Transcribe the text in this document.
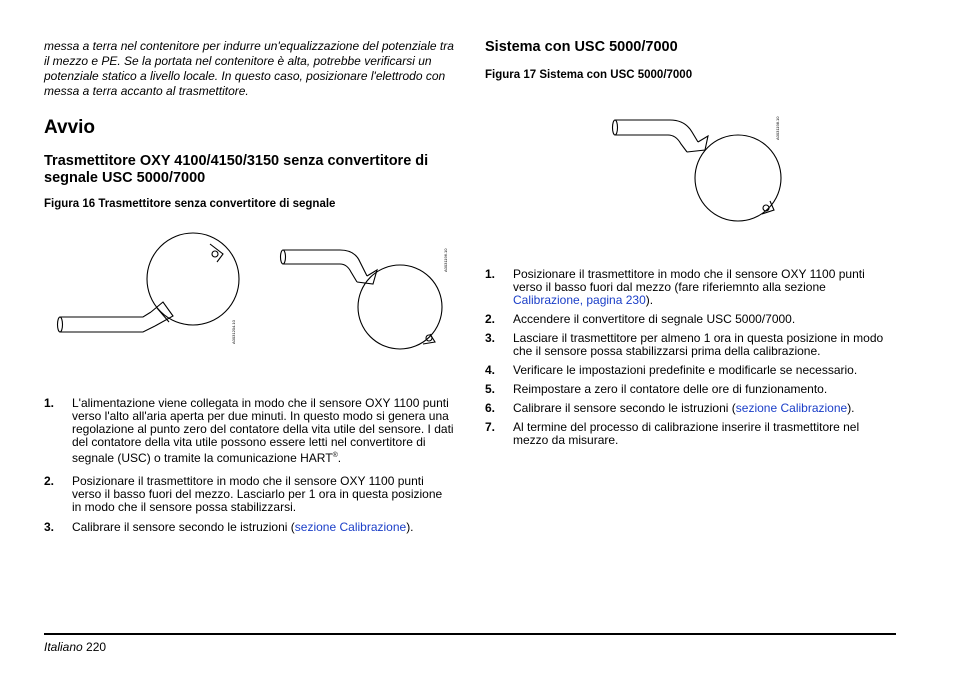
messa a terra nel contenitore per indurre un'equalizzazione del potenziale tra il mezzo e PE. Se la portata nel contenitore è alta, potrebbe verificarsi un potenziale statico a livello locale. In questo caso, posizionare l'elettrodo con messa a terra accanto al trasmettitore.

Avvio
Trasmettitore OXY 4100/4150/3150 senza convertitore di segnale USC 5000/7000

Figura 16 Trasmettitore senza convertitore di segnale

1. L'alimentazione viene collegata in modo che il sensore OXY 1100 punti verso l'alto all'aria aperta per due minuti. In questo modo si genera una regolazione al punto zero del contatore della vita utile del sensore. I dati del contatore della vita utile possono essere letti nel convertitore di segnale (USC) o tramite la comunicazione HART®.
2. Posizionare il trasmettitore in modo che il sensore OXY 1100 punti verso il basso fuori del mezzo. Lasciarlo per 1 ora in questa posizione in modo che il sensore possa stabilizzarsi.
3. Calibrare il sensore secondo le istruzioni (sezione Calibrazione).
A0031204.10
A0031196.10
Sistema con USC 5000/7000

Figura 17 Sistema con USC 5000/7000

1. Posizionare il trasmettitore in modo che il sensore OXY 1100 punti verso il basso fuori dal mezzo (fare riferiemnto alla sezione Calibrazione, pagina 230).
2. Accendere il convertitore di segnale USC 5000/7000.
3. Lasciare il trasmettitore per almeno 1 ora in questa posizione in modo che il sensore possa stabilizzarsi prima della calibrazione.
4. Verificare le impostazioni predefinite e modificarle se necessario.
5. Reimpostare a zero il contatore delle ore di funzionamento.
6. Calibrare il sensore secondo le istruzioni (sezione Calibrazione).
7. Al termine del processo di calibrazione inserire il trasmettitore nel mezzo da misurare.
A0031198.10
Italiano 220
